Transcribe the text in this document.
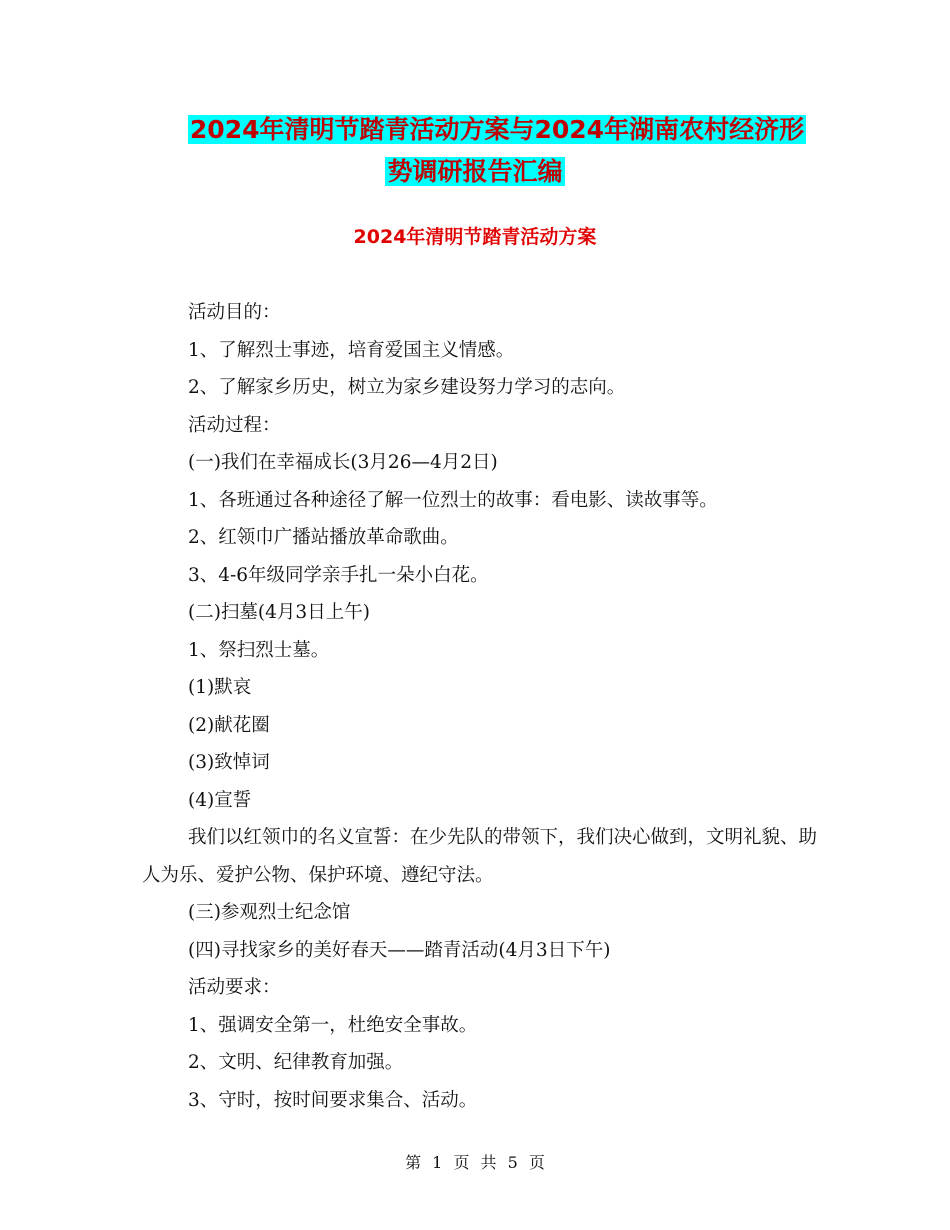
2024年清明节踏青活动方案与2024年湖南农村经济形
势调研报告汇编
2024年清明节踏青活动方案

活动目的：

1、了解烈士事迹，培育爱国主义情感。

2、了解家乡历史，树立为家乡建设努力学习的志向。

活动过程：

(一)我们在幸福成长(3月26—4月2日)

1、各班通过各种途径了解一位烈士的故事：看电影、读故事等。

2、红领巾广播站播放革命歌曲。

3、4-6年级同学亲手扎一朵小白花。

(二)扫墓(4月3日上午)

1、祭扫烈士墓。

(1)默哀

(2)献花圈

(3)致悼词

(4)宣誓

我们以红领巾的名义宣誓：在少先队的带领下，我们决心做到，文明礼貌、助人为乐、爱护公物、保护环境、遵纪守法。

(三)参观烈士纪念馆

(四)寻找家乡的美好春天——踏青活动(4月3日下午)

活动要求：

1、强调安全第一，杜绝安全事故。

2、文明、纪律教育加强。

3、守时，按时间要求集合、活动。

第 1 页 共 5 页
